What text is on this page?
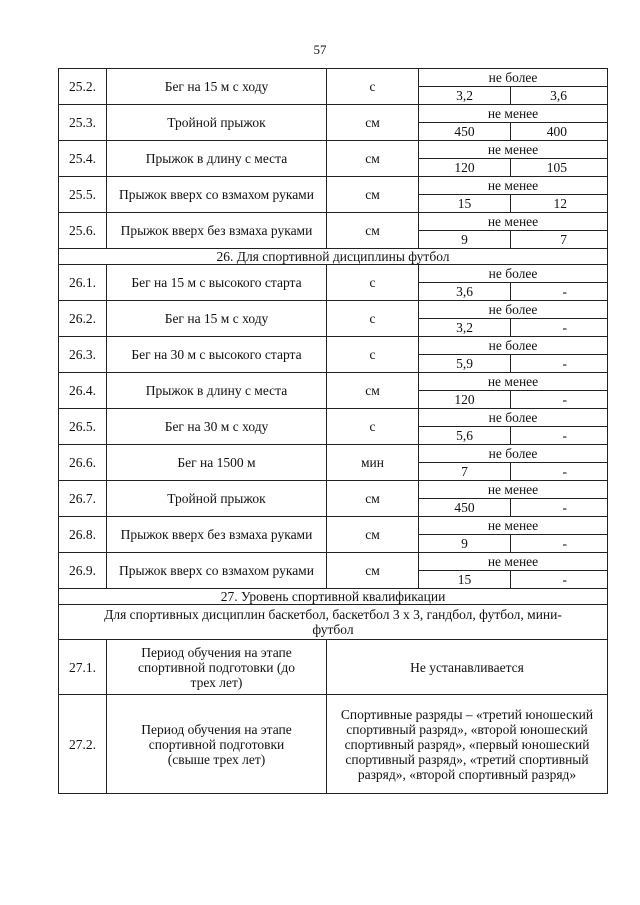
57
25.2.	Бег на 15 м с ходу	с	не более	
			3,2	3,6
25.3.	Тройной прыжок	см	не менее	
			450	400
25.4.	Прыжок в длину с места	см	не менее	
			120	105
25.5.	Прыжок вверх со взмахом руками	см	не менее	
			15	12
25.6.	Прыжок вверх без взмаха руками	см	не менее	
			9	7
26. Для спортивной дисциплины футбол				
26.1.	Бег на 15 м с высокого старта	с	не более	
			3,6	-
26.2.	Бег на 15 м с ходу	с	не более	
			3,2	-
26.3.	Бег на 30 м с высокого старта	с	не более	
			5,9	-
26.4.	Прыжок в длину с места	см	не менее	
			120	-
26.5.	Бег на 30 м с ходу	с	не более	
			5,6	-
26.6.	Бег на 1500 м	мин	не более	
			7	-
26.7.	Тройной прыжок	см	не менее	
			450	-
26.8.	Прыжок вверх без взмаха руками	см	не менее	
			9	-
26.9.	Прыжок вверх со взмахом руками	см	не менее	
			15	-
27. Уровень спортивной квалификации				
Для спортивных дисциплин баскетбол, баскетбол 3 х 3, гандбол, футбол, мини-футбол				
27.1.	Период обучения на этапе спортивной подготовки (до трех лет)	Не устанавливается		
27.2.	Период обучения на этапе спортивной подготовки (свыше трех лет)	Спортивные разряды – «третий юношеский спортивный разряд», «второй юношеский спортивный разряд», «первый юношеский спортивный разряд», «третий спортивный разряд», «второй спортивный разряд»		
